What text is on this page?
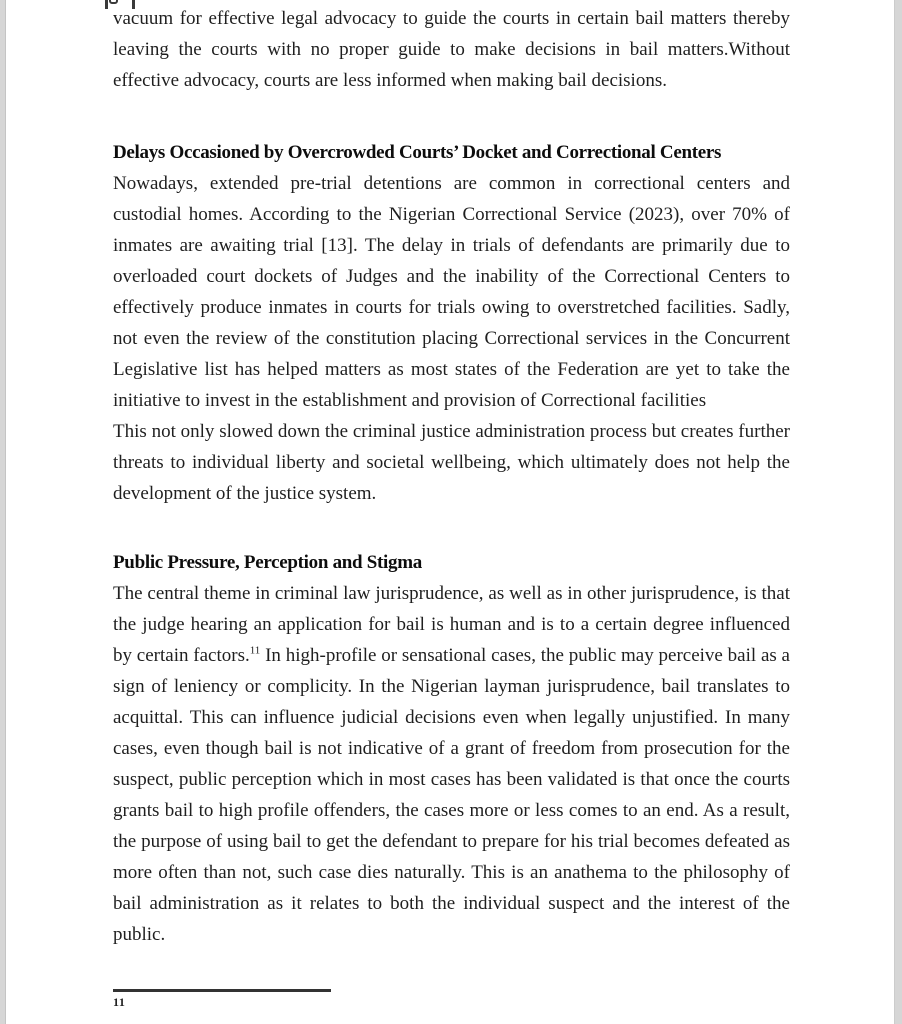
vacuum for effective legal advocacy to guide the courts in certain bail matters thereby leaving the courts with no proper guide to make decisions in bail matters.Without effective advocacy, courts are less informed when making bail decisions.

Delays Occasioned by Overcrowded Courts’ Docket and Correctional Centers

Nowadays, extended pre-trial detentions are common in correctional centers and custodial homes. According to the Nigerian Correctional Service (2023), over 70% of inmates are awaiting trial [13]. The delay in trials of defendants are primarily due to overloaded court dockets of Judges and the inability of the Correctional Centers to effectively produce inmates in courts for trials owing to overstretched facilities. Sadly, not even the review of the constitution placing Correctional services in the Concurrent Legislative list has helped matters as most states of the Federation are yet to take the initiative to invest in the establishment and provision of Correctional facilities

This not only slowed down the criminal justice administration process but creates further threats to individual liberty and societal wellbeing, which ultimately does not help the development of the justice system.

Public Pressure, Perception and Stigma

The central theme in criminal law jurisprudence, as well as in other jurisprudence, is that the judge hearing an application for bail is human and is to a certain degree influenced by certain factors.$^{11}$ In high-profile or sensational cases, the public may perceive bail as a sign of leniency or complicity. In the Nigerian layman jurisprudence, bail translates to acquittal. This can influence judicial decisions even when legally unjustified. In many cases, even though bail is not indicative of a grant of freedom from prosecution for the suspect, public perception which in most cases has been validated is that once the courts grants bail to high profile offenders, the cases more or less comes to an end. As a result, the purpose of using bail to get the defendant to prepare for his trial becomes defeated as more often than not, such case dies naturally. This is an anathema to the philosophy of bail administration as it relates to both the individual suspect and the interest of the public.

11
